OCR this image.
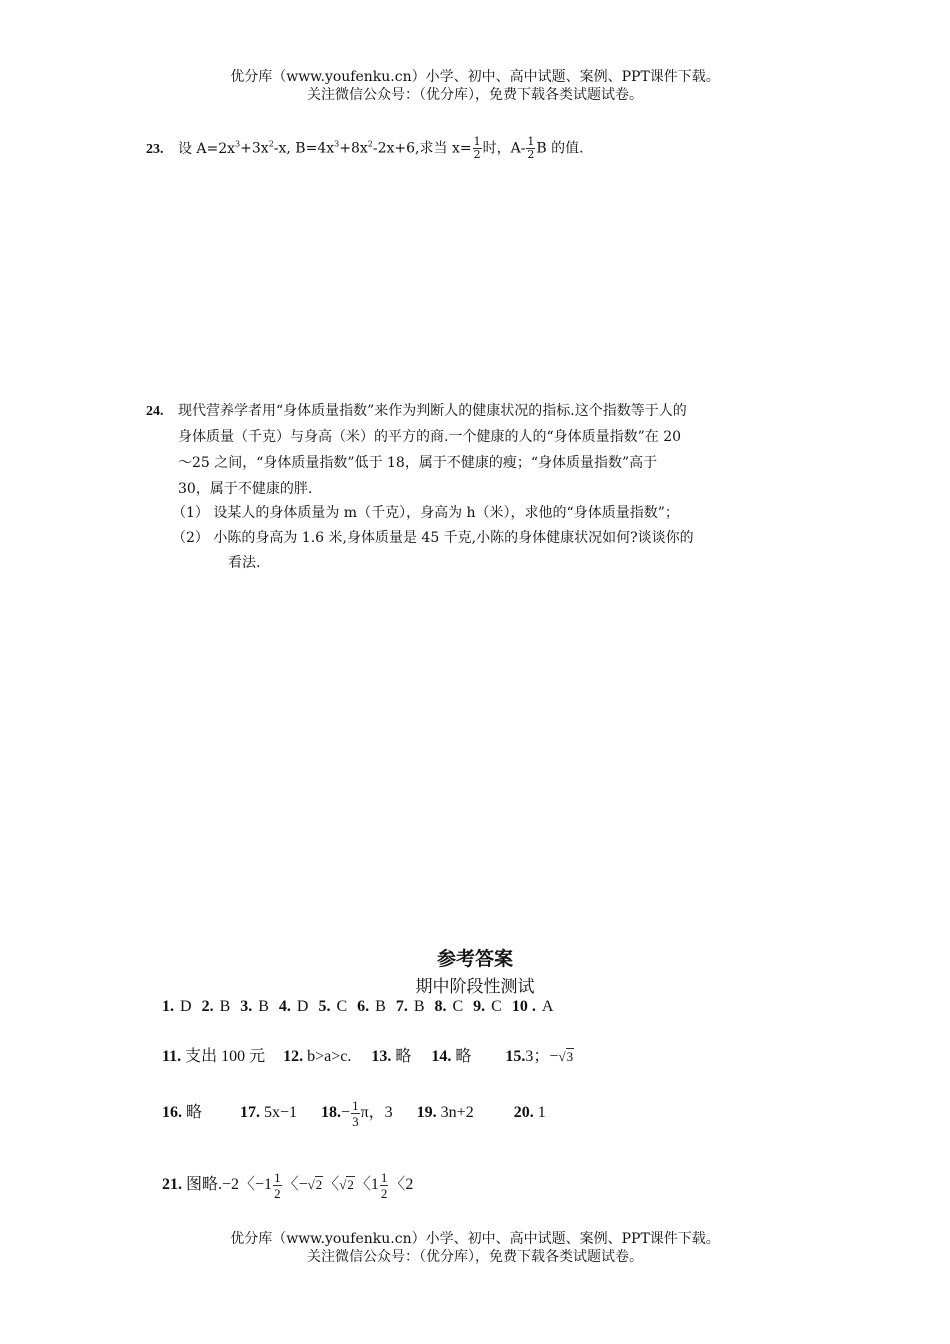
优分库（www.youfenku.cn）小学、初中、高中试题、案例、PPT课件下载。
关注微信公众号：（优分库），免费下载各类试题试卷。
23. 设 $A=2x^3+3x^2-x$, $B=4x^3+8x^2-2x+6$,求当 $x= \frac{1}{2}$ 时，$A- \frac{1}{2}$ B 的值.
24. 现代营养学者用“身体质量指数”来作为判断人的健康状况的指标.这个指数等于人的
身体质量（千克）与身高（米）的平方的商.一个健康的人的“身体质量指数”在 20
～25 之间，“身体质量指数”低于 18，属于不健康的瘦；“身体质量指数”高于
30，属于不健康的胖.
（1） 设某人的身体质量为 m（千克），身高为 h（米），求他的“身体质量指数”；
（2） 小陈的身高为 1.6 米,身体质量是 45 千克,小陈的身体健康状况如何?谈谈你的
看法.
参考答案
期中阶段性测试
1. D 2. B 3. B 4. D 5. C 6. B 7. B 8. C 9. C 10 . A
11. 支出 100 元 12. b>a>c. 13. 略 14. 略 15.3；−√3
16. 略 17. 5x−1 $18.- \frac{1}{3}$ π，3 19. 3n+2	20. 1
21. 图略.−2〈$-1 \frac{1}{2}$ 〈−√2〈√2〈$1 \frac{1}{2}$ 〈2
优分库（www.youfenku.cn）小学、初中、高中试题、案例、PPT课件下载。
关注微信公众号：（优分库），免费下载各类试题试卷。
